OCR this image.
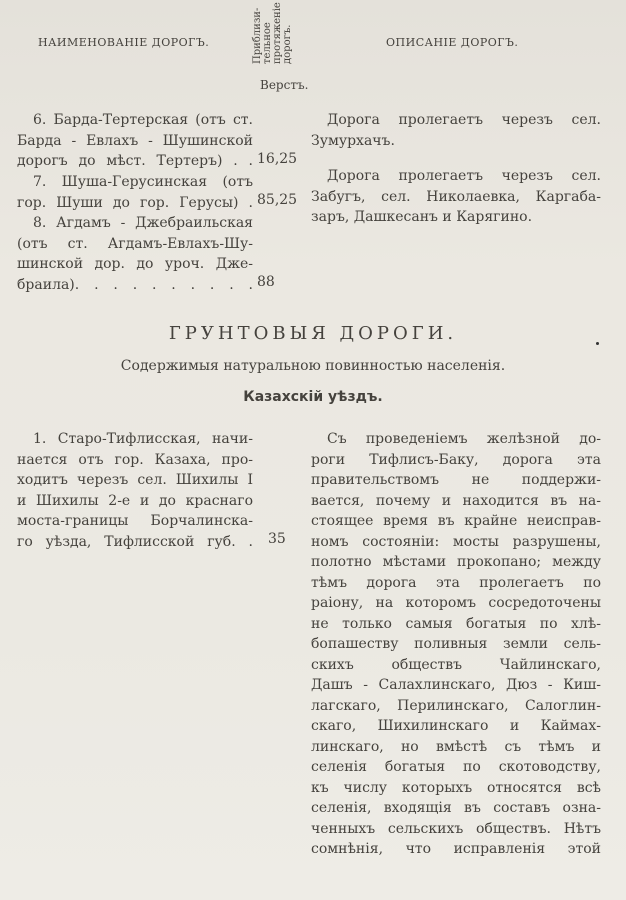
НАИМЕНОВАНІЕ ДОРОГЪ.	Приблизи- тельное протяженіе дорогъ.	ОПИСАНІЕ ДОРОГЪ.
Верстъ.
6. Барда-Тертерская (отъ ст.
Барда - Евлахъ - Шушинской
дорогъ до мѣст. Тертеръ) . . 16,25
Дорога пролегаетъ черезъ сел.
Зумурхачъ.
7. Шуша-Герусинская (отъ
гор. Шуши до гор. Герусы) . 85,25
Дорога пролегаетъ черезъ сел.
Забугъ, сел. Николаевка, Каргаба-
заръ, Дашкесанъ и Карягино.
8. Агдамъ - Джебраильская
(отъ ст. Агдамъ-Евлахъ-Шу-
шинской дор. до уроч. Дже-
браила). . . . . . . . . . 88
ГРУНТОВЫЯ ДОРОГИ.
Содержимыя натуральною повинностью населенія.
Казахскій уѣздъ.
1. Старо-Тифлисская, начи-
нается отъ гор. Казаха, про-
ходитъ черезъ сел. Шихилы I
и Шихилы 2-е и до краснаго
моста-границы Борчалинска-
го уѣзда, Тифлисской губ. . 35
Съ проведеніемъ желѣзной до-
роги Тифлисъ-Баку, дорога эта
правительствомъ не поддержи-
вается, почему и находится въ на-
стоящее время въ крайне неисправ-
номъ состояніи: мосты разрушены,
полотно мѣстами прокопано; между
тѣмъ дорога эта пролегаетъ по
раіону, на которомъ сосредоточены
не только самыя богатыя по хлѣ-
бопашеству поливныя земли сель-
скихъ обществъ Чайлинскаго,
Дашъ - Салахлинскаго, Дюз - Киш-
лагскаго, Перилинскаго, Салоглин-
скаго, Шихилинскаго и Каймах-
линскаго, но вмѣстѣ съ тѣмъ и
селенія богатыя по скотоводству,
къ числу которыхъ относятся всѣ
селенія, входящія въ составъ озна-
ченныхъ сельскихъ обществъ. Нѣтъ
сомнѣнія, что исправленія этой
